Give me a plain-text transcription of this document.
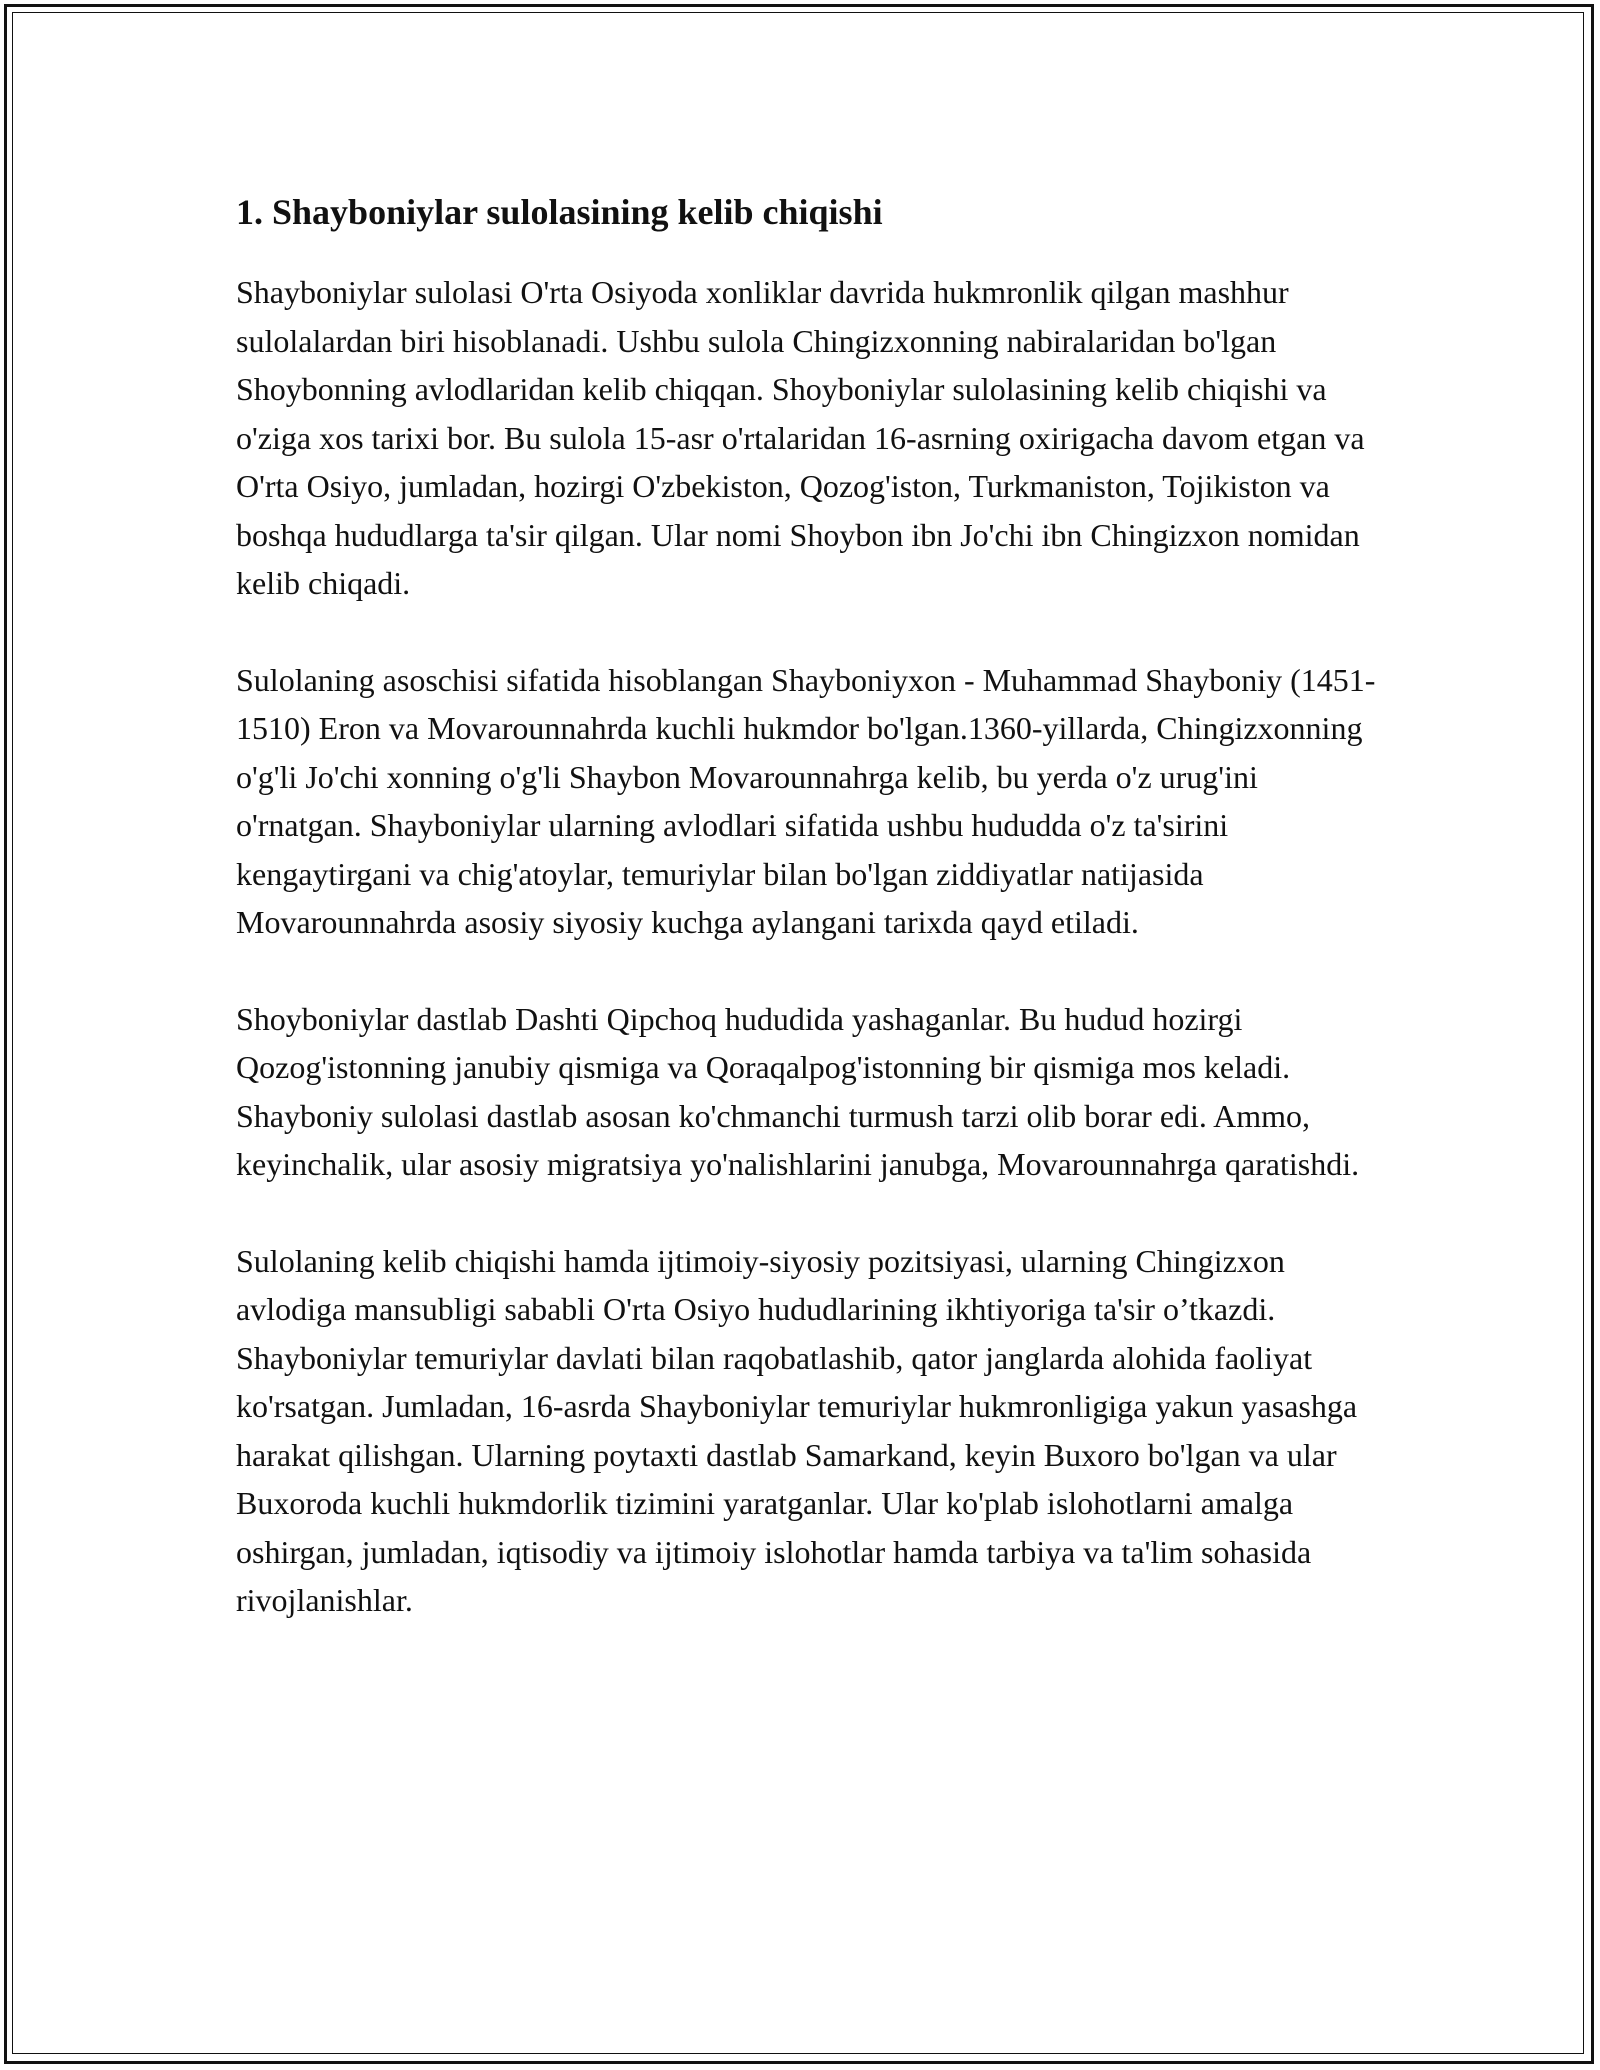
1. Shayboniylar sulolasining kelib chiqishi

Shayboniylar sulolasi O'rta Osiyoda xonliklar davrida hukmronlik qilgan mashhur sulolalardan biri hisoblanadi. Ushbu sulola Chingizxonning nabiralaridan bo'lgan Shoybonning avlodlaridan kelib chiqqan. Shoyboniylar sulolasining kelib chiqishi va o'ziga xos tarixi bor. Bu sulola 15-asr o'rtalaridan 16-asrning oxirigacha davom etgan va O'rta Osiyo, jumladan, hozirgi O'zbekiston, Qozog'iston, Turkmaniston, Tojikiston va boshqa hududlarga ta'sir qilgan. Ular nomi Shoybon ibn Jo'chi ibn Chingizxon nomidan kelib chiqadi.

Sulolaning asoschisi sifatida hisoblangan Shayboniyxon - Muhammad Shayboniy (1451-1510) Eron va Movarounnahrda kuchli hukmdor bo'lgan.1360-yillarda, Chingizxonning o'g'li Jo'chi xonning o'g'li Shaybon Movarounnahrga kelib, bu yerda o'z urug'ini o'rnatgan. Shayboniylar ularning avlodlari sifatida ushbu hududda o'z ta'sirini kengaytirgani va chig'atoylar, temuriylar bilan bo'lgan ziddiyatlar natijasida Movarounnahrda asosiy siyosiy kuchga aylangani tarixda qayd etiladi.

Shoyboniylar dastlab Dashti Qipchoq hududida yashaganlar. Bu hudud hozirgi Qozog'istonning janubiy qismiga va Qoraqalpog'istonning bir qismiga mos keladi. Shayboniy sulolasi dastlab asosan ko'chmanchi turmush tarzi olib borar edi. Ammo, keyinchalik, ular asosiy migratsiya yo'nalishlarini janubga, Movarounnahrga qaratishdi.

Sulolaning kelib chiqishi hamda ijtimoiy-siyosiy pozitsiyasi, ularning Chingizxon avlodiga mansubligi sababli O'rta Osiyo hududlarining ikhtiyoriga ta'sir o’tkazdi. Shayboniylar temuriylar davlati bilan raqobatlashib, qator janglarda alohida faoliyat ko'rsatgan. Jumladan, 16-asrda Shayboniylar temuriylar hukmronligiga yakun yasashga harakat qilishgan. Ularning poytaxti dastlab Samarkand, keyin Buxoro bo'lgan va ular Buxoroda kuchli hukmdorlik tizimini yaratganlar. Ular ko'plab islohotlarni amalga oshirgan, jumladan, iqtisodiy va ijtimoiy islohotlar hamda tarbiya va ta'lim sohasida rivojlanishlar.
